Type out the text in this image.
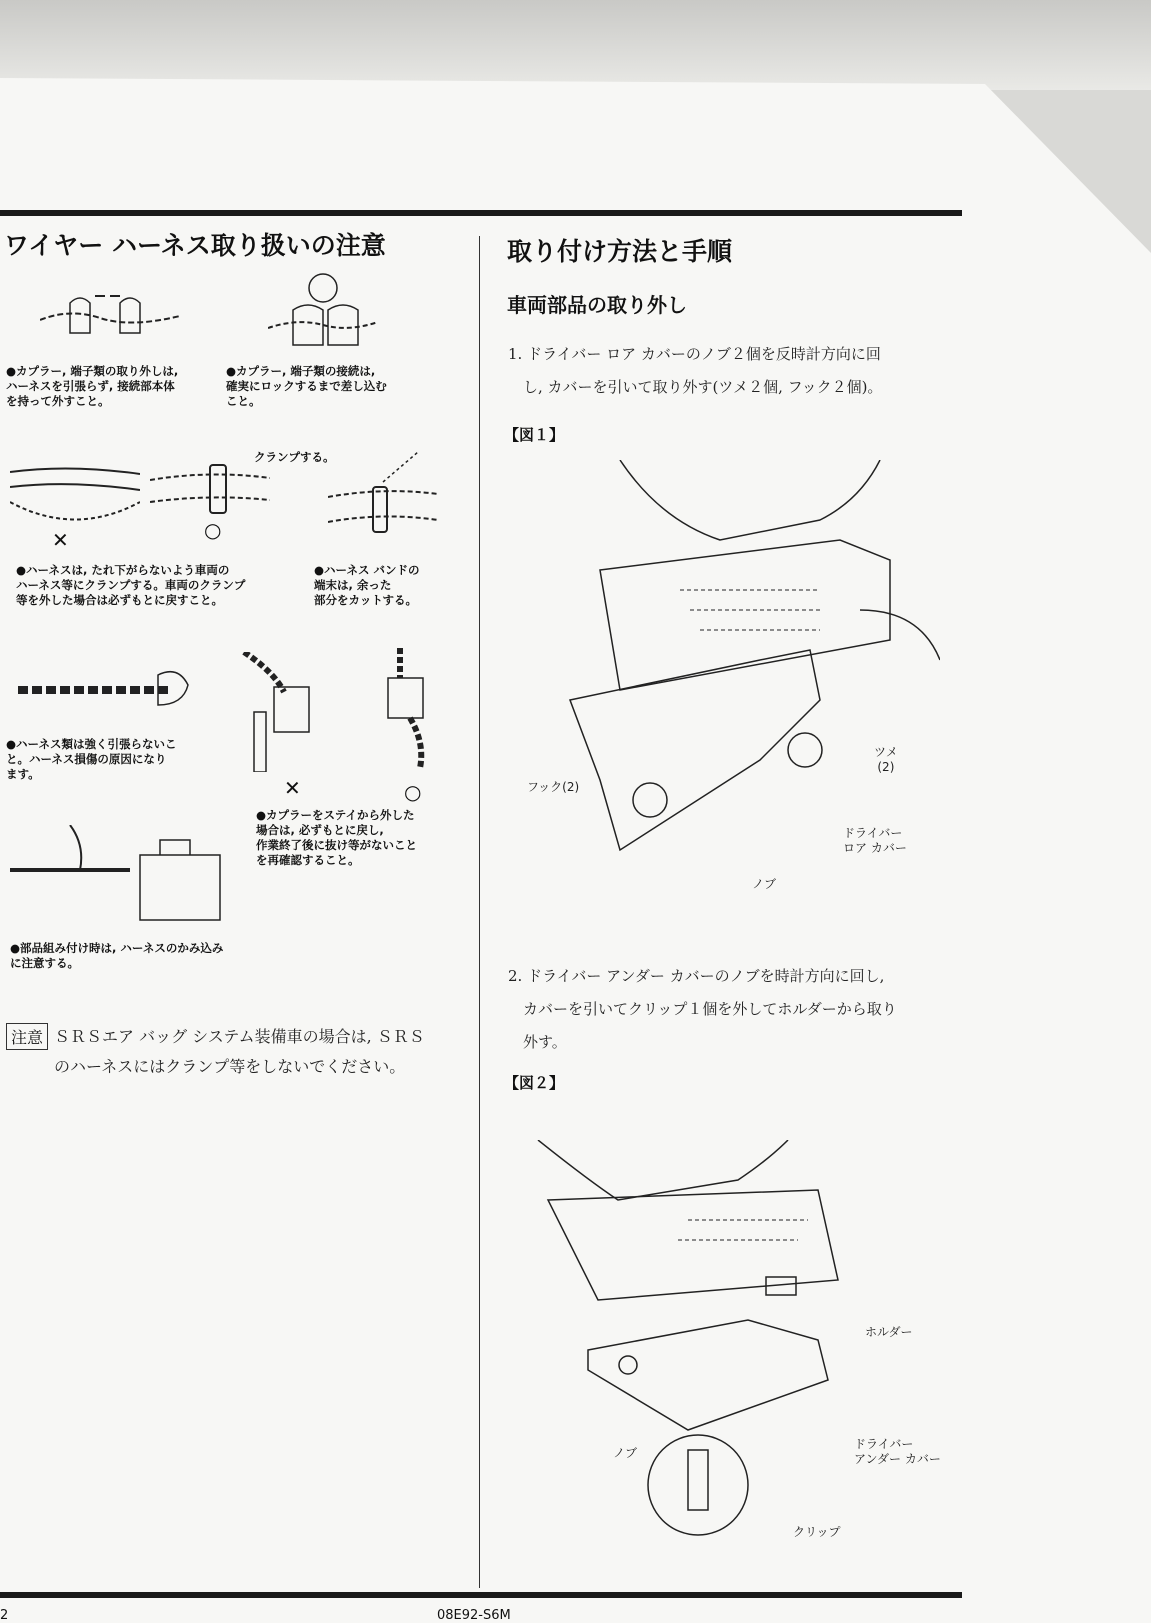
ワイヤー ハーネス取り扱いの注意
●カプラー, 端子類の取り外しは,
ハーネスを引張らず, 接続部本体
を持って外すこと。
●カプラー, 端子類の接続は,
確実にロックするまで差し込む
こと。
✕
クランプする。
○
●ハーネスは, たれ下がらないよう車両の
ハーネス等にクランプする。車両のクランプ
等を外した場合は必ずもとに戻すこと。
●ハーネス バンドの
端末は, 余った
部分をカットする。
✕	○
●ハーネス類は強く引張らないこ
と。ハーネス損傷の原因になり
ます。
●カプラーをステイから外した
場合は, 必ずもとに戻し,
作業終了後に抜け等がないこと
を再確認すること。
●部品組み付け時は, ハーネスのかみ込み
に注意する。
注意 ＳＲＳエア バッグ システム装備車の場合は, ＳＲＳ
のハーネスにはクランプ等をしないでください。
取り付け方法と手順
車両部品の取り外し
1. ドライバー ロア カバーのノブ２個を反時計方向に回
　し, カバーを引いて取り外す(ツメ２個, フック２個)。
【図１】
ツメ
(2)
フック(2)
ドライバー
ロア カバー
ノブ
2. ドライバー アンダー カバーのノブを時計方向に回し,
　カバーを引いてクリップ１個を外してホルダーから取り
　外す。
【図２】
ホルダー
ノブ
ドライバー
アンダー カバー
クリップ
2	08E92-S6M
